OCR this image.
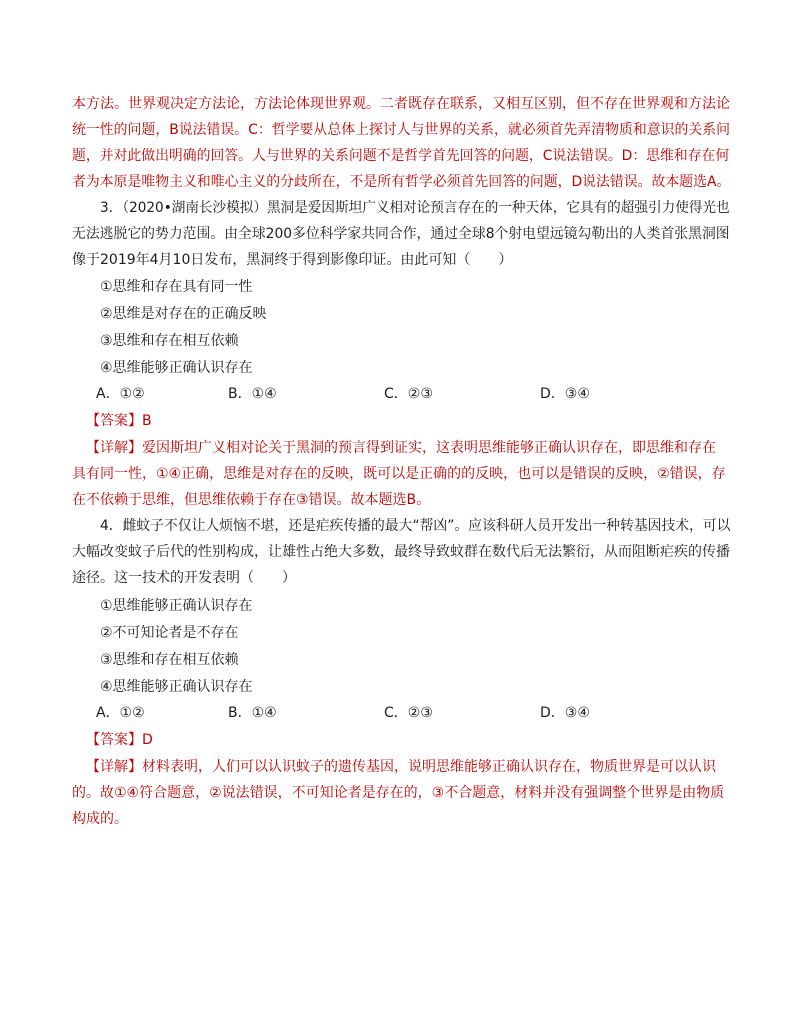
本方法。世界观决定方法论，方法论体现世界观。二者既存在联系，又相互区别，但不存在世界观和方法论
统一性的问题，B说法错误。C：哲学要从总体上探讨人与世界的关系，就必须首先弄清物质和意识的关系问
题，并对此做出明确的回答。人与世界的关系问题不是哲学首先回答的问题，C说法错误。D：思维和存在何
者为本原是唯物主义和唯心主义的分歧所在，不是所有哲学必须首先回答的问题，D说法错误。故本题选A。
3．（2020•湖南长沙模拟）黑洞是爱因斯坦广义相对论预言存在的一种天体，它具有的超强引力使得光也
无法逃脱它的势力范围。由全球200多位科学家共同合作，通过全球8个射电望远镜勾勒出的人类首张黑洞图
像于2019年4月10日发布，黑洞终于得到影像印证。由此可知（　　）
①思维和存在具有同一性
②思维是对存在的正确反映
③思维和存在相互依赖
④思维能够正确认识存在
A．①②	B．①④	C．②③	D．③④
【答案】B
【详解】爱因斯坦广义相对论关于黑洞的预言得到证实，这表明思维能够正确认识存在，即思维和存在
具有同一性，①④正确，思维是对存在的反映，既可以是正确的的反映，也可以是错误的反映，②错误，存
在不依赖于思维，但思维依赖于存在③错误。故本题选B。
4．雌蚊子不仅让人烦恼不堪，还是疟疾传播的最大“帮凶”。应该科研人员开发出一种转基因技术，可以
大幅改变蚊子后代的性别构成，让雄性占绝大多数，最终导致蚊群在数代后无法繁衍，从而阻断疟疾的传播
途径。这一技术的开发表明（　　）
①思维能够正确认识存在
②不可知论者是不存在
③思维和存在相互依赖
④思维能够正确认识存在
A．①②	B．①④	C．②③	D．③④
【答案】D
【详解】材料表明，人们可以认识蚊子的遗传基因，说明思维能够正确认识存在，物质世界是可以认识
的。故①④符合题意，②说法错误，不可知论者是存在的，③不合题意，材料并没有强调整个世界是由物质
构成的。
